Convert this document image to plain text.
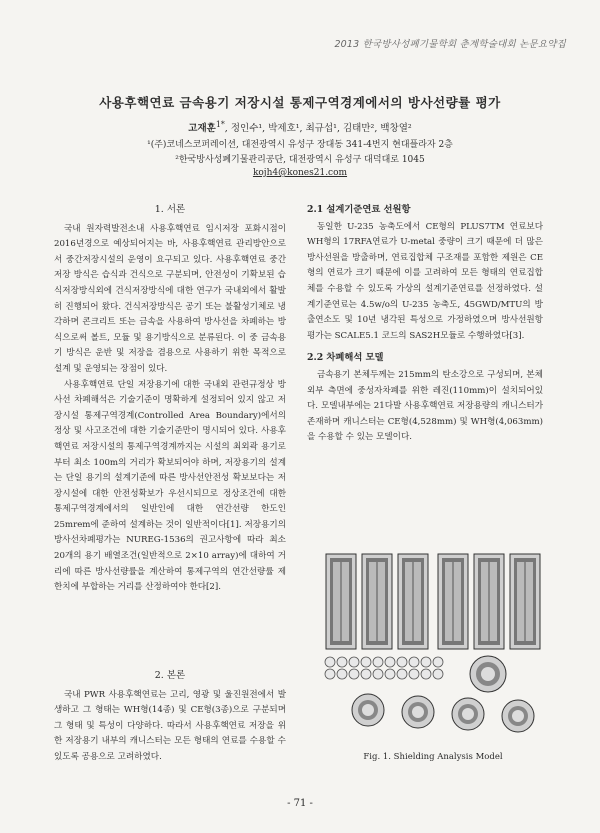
2013 한국방사성폐기물학회 춘계학술대회 논문요약집
사용후핵연료 금속용기 저장시설 통제구역경계에서의 방사선량률 평가
고재훈$^{1*}$, 정인수¹, 박제호¹, 최규섭¹, 김태만², 백창열²
¹(주)코네스코퍼레이션, 대전광역시 유성구 장대동 341-4번지 현대플라자 2층
²한국방사성폐기물관리공단, 대전광역시 유성구 대덕대로 1045
kojh4@kones21.com
1. 서론

국내 원자력발전소내 사용후핵연료 임시저장 포화시점이 2016년경으로 예상되어지는 바, 사용후핵연료 관리방안으로서 중간저장시설의 운영이 요구되고 있다. 사용후핵연료 중간저장 방식은 습식과 건식으로 구분되며, 안전성이 기확보된 습식저장방식외에 건식저장방식에 대한 연구가 국내외에서 활발히 진행되어 왔다. 건식저장방식은 공기 또는 불활성기체로 냉각하며 콘크리트 또는 금속을 사용하여 방사선을 차폐하는 방식으로써 볼트, 모듈 및 용기방식으로 분류된다. 이 중 금속용기 방식은 운반 및 저장을 겸용으로 사용하기 위한 목적으로 설계 및 운영되는 장점이 있다.

사용후핵연료 단일 저장용기에 대한 국내외 관련규정상 방사선 차폐해석은 기술기준이 명확하게 설정되어 있지 않고 저장시설 통제구역경계(Controlled Area Boundary)에서의 정상 및 사고조건에 대한 기술기준만이 명시되어 있다. 사용후핵연료 저장시설의 통제구역경계까지는 시설의 최외곽 용기로부터 최소 100m의 거리가 확보되어야 하며, 저장용기의 설계는 단일 용기의 설계기준에 따른 방사선안전성 확보보다는 저장시설에 대한 안전성확보가 우선시되므로 정상조건에 대한 통제구역경계에서의 일반인에 대한 연간선량 한도인 25mrem에 준하여 설계하는 것이 일반적이다[1]. 저장용기의 방사선차폐평가는 NUREG-1536의 권고사항에 따라 최소 20개의 용기 배열조건(일반적으로 2×10 array)에 대하여 거리에 따른 방사선량률을 계산하여 통제구역의 연간선량률 제한치에 부합하는 거리를 산정하여야 한다[2].

2. 본론

국내 PWR 사용후핵연료는 고리, 영광 및 울진원전에서 발생하고 그 형태는 WH형(14종) 및 CE형(3종)으로 구분되며 그 형태 및 특성이 다양하다. 따라서 사용후핵연료 저장을 위한 저장용기 내부의 캐니스터는 모든 형태의 연료를 수용할 수 있도록 공용으로 고려하였다.

2.1 설계기준연료 선원항

동일한 U-235 농축도에서 CE형의 PLUS7TM 연료보다 WH형의 17RFA연료가 U-metal 중량이 크기 때문에 더 많은 방사선원을 방출하며, 연료집합체 구조재를 포함한 제원은 CE형의 연료가 크기 때문에 이를 고려하여 모든 형태의 연료집합체를 수용할 수 있도록 가상의 설계기준연료를 선정하였다. 설계기준연료는 4.5w/o의 U-235 농축도, 45GWD/MTU의 방출연소도 및 10년 냉각된 특성으로 가정하였으며 방사선원항 평가는 SCALE5.1 코드의 SAS2H모듈로 수행하였다[3].

2.2 차폐해석 모델

금속용기 본체두께는 215mm의 탄소강으로 구성되며, 본체외부 측면에 중성자차폐를 위한 레진(110mm)이 설치되어있다. 모델내부에는 21다발 사용후핵연료 저장용량의 캐니스터가 존재하며 캐니스터는 CE형(4,528mm) 및 WH형(4,063mm)을 수용할 수 있는 모델이다.

Fig. 1. Shielding Analysis Model
- 71 -
